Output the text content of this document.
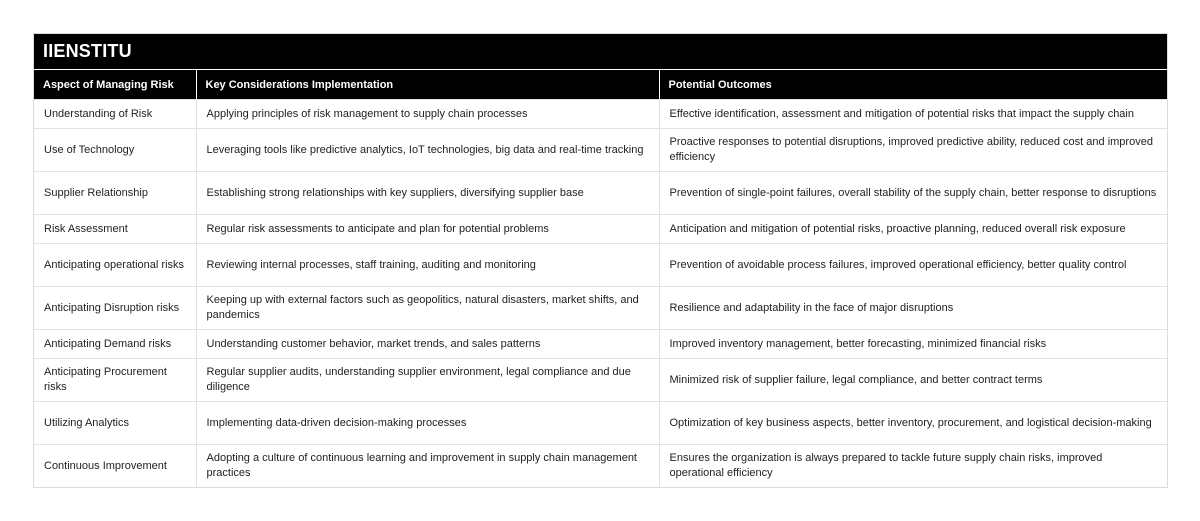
IIENSTITU
Aspect of Managing Risk	Key Considerations Implementation	Potential Outcomes
Understanding of Risk	Applying principles of risk management to supply chain processes	Effective identification, assessment and mitigation of potential risks that impact the supply chain
Use of Technology	Leveraging tools like predictive analytics, IoT technologies, big data and real-time tracking	Proactive responses to potential disruptions, improved predictive ability, reduced cost and improved efficiency
Supplier Relationship	Establishing strong relationships with key suppliers, diversifying supplier base	Prevention of single-point failures, overall stability of the supply chain, better response to disruptions
Risk Assessment	Regular risk assessments to anticipate and plan for potential problems	Anticipation and mitigation of potential risks, proactive planning, reduced overall risk exposure
Anticipating operational risks	Reviewing internal processes, staff training, auditing and monitoring	Prevention of avoidable process failures, improved operational efficiency, better quality control
Anticipating Disruption risks	Keeping up with external factors such as geopolitics, natural disasters, market shifts, and pandemics	Resilience and adaptability in the face of major disruptions
Anticipating Demand risks	Understanding customer behavior, market trends, and sales patterns	Improved inventory management, better forecasting, minimized financial risks
Anticipating Procurement risks	Regular supplier audits, understanding supplier environment, legal compliance and due diligence	Minimized risk of supplier failure, legal compliance, and better contract terms
Utilizing Analytics	Implementing data-driven decision-making processes	Optimization of key business aspects, better inventory, procurement, and logistical decision-making
Continuous Improvement	Adopting a culture of continuous learning and improvement in supply chain management practices	Ensures the organization is always prepared to tackle future supply chain risks, improved operational efficiency
